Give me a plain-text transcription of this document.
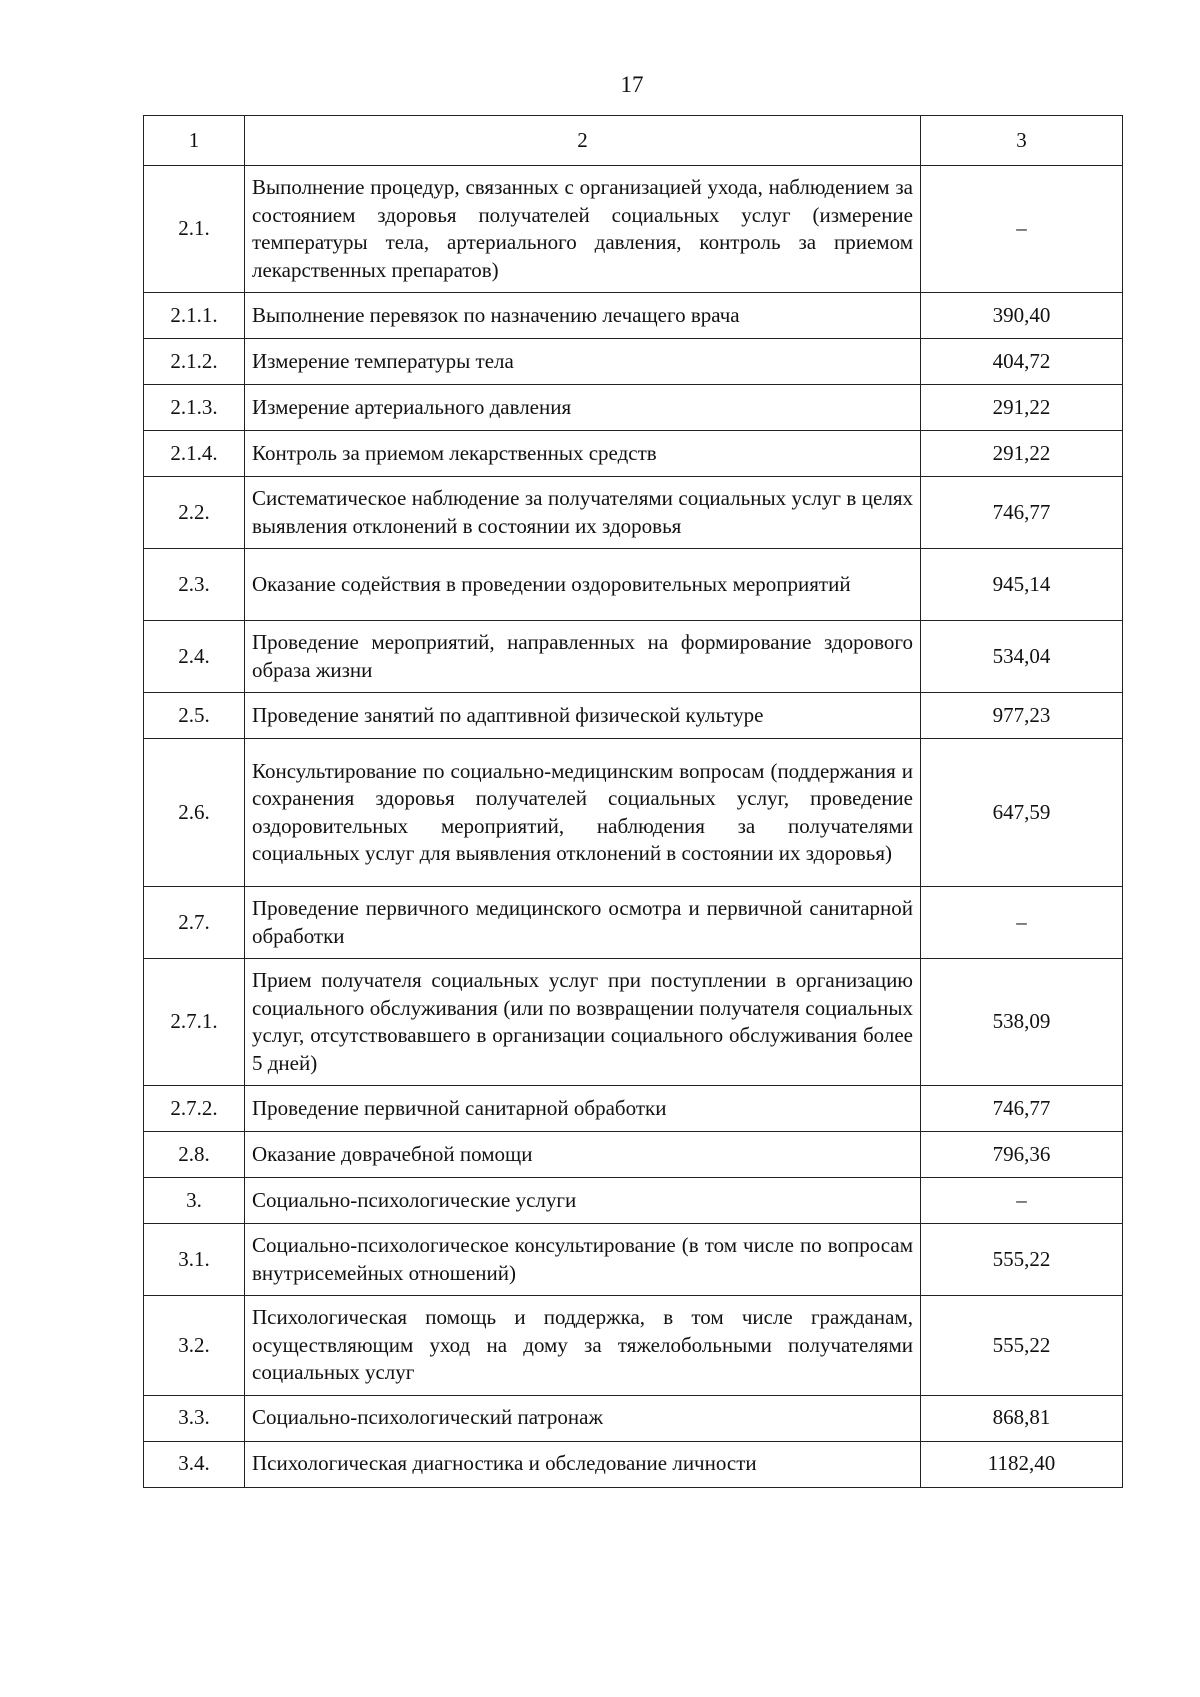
17
1	2	3
2.1.	Выполнение процедур, связанных с организацией ухода, наблюдением за состоянием здоровья получателей социальных услуг (измерение температуры тела, артериального давления, контроль за приемом лекарственных препаратов)	–
2.1.1.	Выполнение перевязок по назначению лечащего врача	390,40
2.1.2.	Измерение температуры тела	404,72
2.1.3.	Измерение артериального давления	291,22
2.1.4.	Контроль за приемом лекарственных средств	291,22
2.2.	Систематическое наблюдение за получателями социальных услуг в целях выявления отклонений в состоянии их здоровья	746,77
2.3.	Оказание содействия в проведении оздоровительных мероприятий	945,14
2.4.	Проведение мероприятий, направленных на формирование здорового образа жизни	534,04
2.5.	Проведение занятий по адаптивной физической культуре	977,23
2.6.	Консультирование по социально-медицинским вопросам (поддержания и сохранения здоровья получателей социальных услуг, проведение оздоровительных мероприятий, наблюдения за получателями социальных услуг для выявления отклонений в состоянии их здоровья)	647,59
2.7.	Проведение первичного медицинского осмотра и первичной санитарной обработки	–
2.7.1.	Прием получателя социальных услуг при поступлении в организацию социального обслуживания (или по возвращении получателя социальных услуг, отсутствовавшего в организации социального обслуживания более 5 дней)	538,09
2.7.2.	Проведение первичной санитарной обработки	746,77
2.8.	Оказание доврачебной помощи	796,36
3.	Социально-психологические услуги	–
3.1.	Социально-психологическое консультирование (в том числе по вопросам внутрисемейных отношений)	555,22
3.2.	Психологическая помощь и поддержка, в том числе гражданам, осуществляющим уход на дому за тяжелобольными получателями социальных услуг	555,22
3.3.	Социально-психологический патронаж	868,81
3.4.	Психологическая диагностика и обследование личности	1182,40
